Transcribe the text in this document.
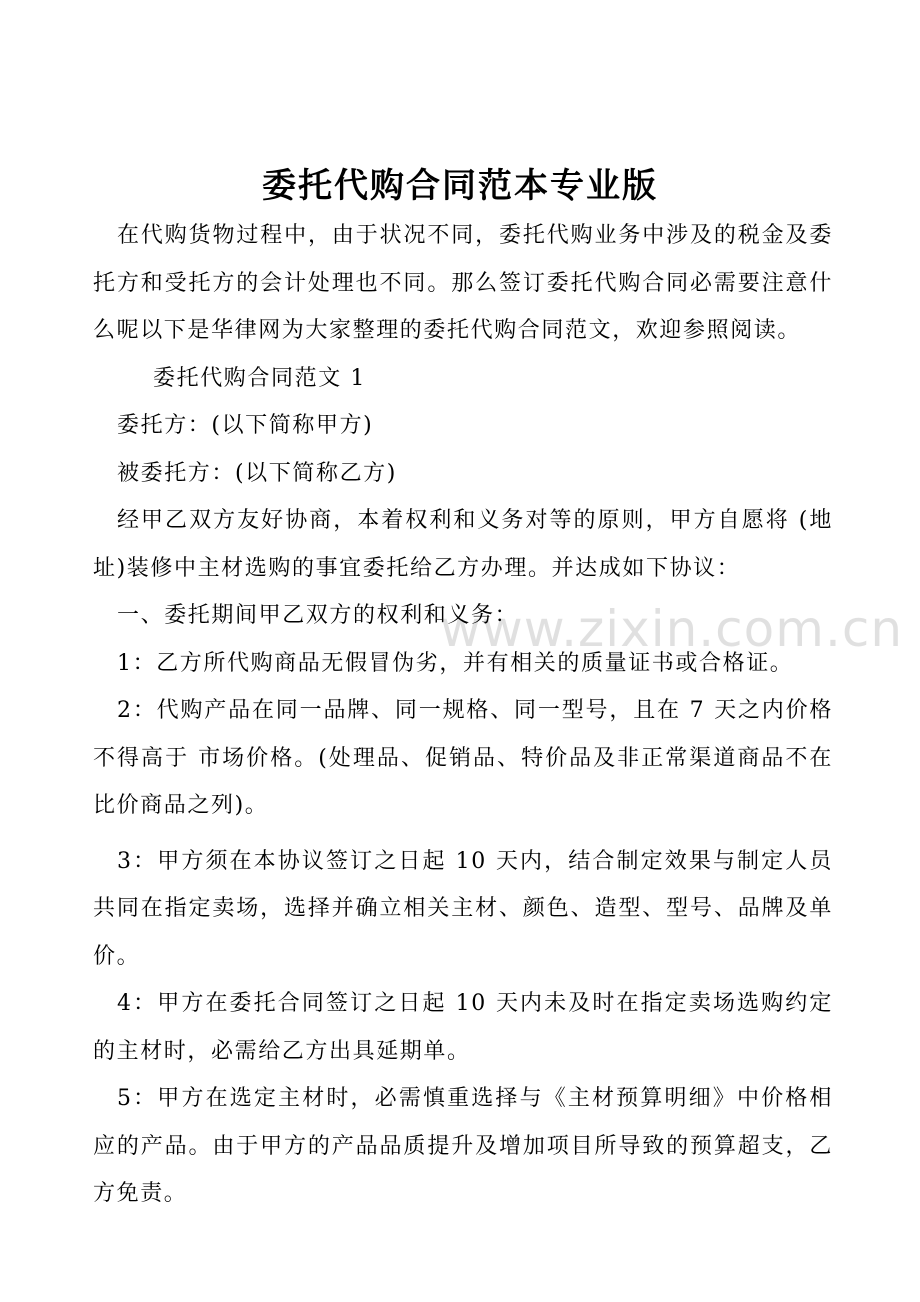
委托代购合同范本专业版

在代购货物过程中，由于状况不同，委托代购业务中涉及的税金及委托方和受托方的会计处理也不同。那么签订委托代购合同必需要注意什么呢以下是华律网为大家整理的委托代购合同范文，欢迎参照阅读。

委托代购合同范文 1

委托方：(以下简称甲方)

被委托方：(以下简称乙方)

经甲乙双方友好协商，本着权利和义务对等的原则，甲方自愿将 (地址)装修中主材选购的事宜委托给乙方办理。并达成如下协议：

一、委托期间甲乙双方的权利和义务：

1：乙方所代购商品无假冒伪劣，并有相关的质量证书或合格证。

2：代购产品在同一品牌、同一规格、同一型号，且在 7 天之内价格不得高于 市场价格。(处理品、促销品、特价品及非正常渠道商品不在比价商品之列)。

3：甲方须在本协议签订之日起 10 天内，结合制定效果与制定人员共同在指定卖场，选择并确立相关主材、颜色、造型、型号、品牌及单价。

4：甲方在委托合同签订之日起 10 天内未及时在指定卖场选购约定的主材时，必需给乙方出具延期单。

5：甲方在选定主材时，必需慎重选择与《主材预算明细》中价格相应的产品。由于甲方的产品品质提升及增加项目所导致的预算超支，乙方免责。

www.zixin.com.cn
